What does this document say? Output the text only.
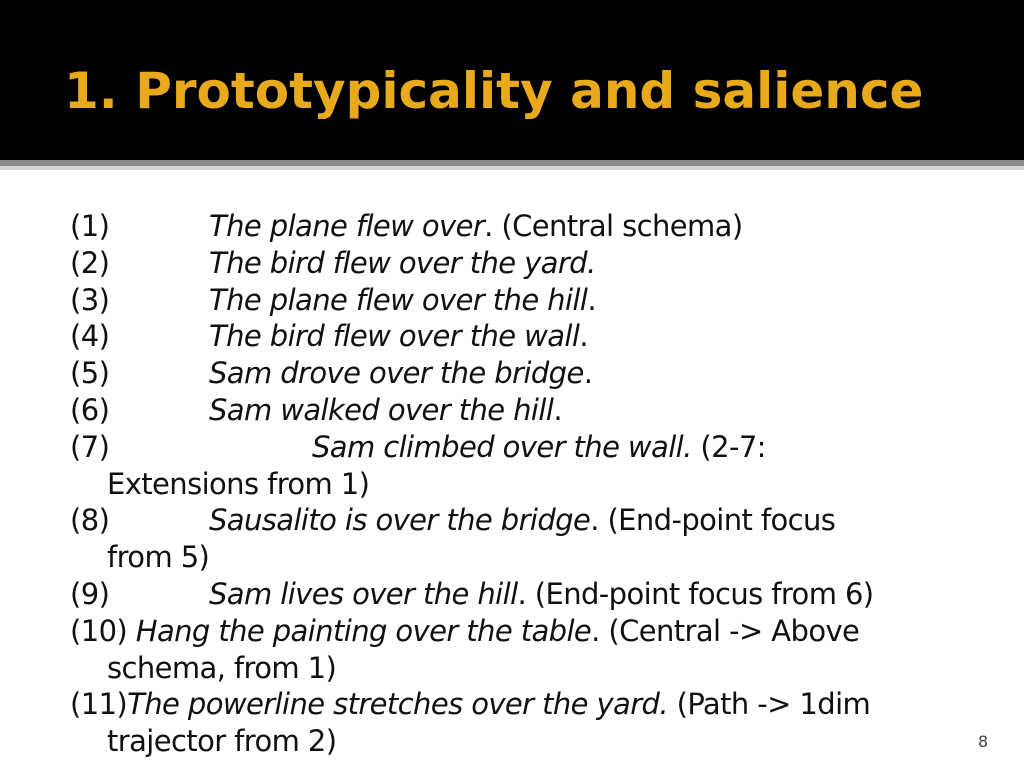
1. Prototypicality and salience
(1)	The plane flew over. (Central schema)
(2)	The bird flew over the yard.
(3)	The plane flew over the hill.
(4)	The bird flew over the wall.
(5)	Sam drove over the bridge.
(6)	Sam walked over the hill.
(7)	Sam climbed over the wall. (2-7:
Extensions from 1)
(8)	Sausalito is over the bridge. (End-point focus
from 5)
(9)	Sam lives over the hill. (End-point focus from 6)
(10) Hang the painting over the table. (Central -> Above
schema, from 1)
(11)The powerline stretches over the yard. (Path -> 1dim
trajector from 2)	8
